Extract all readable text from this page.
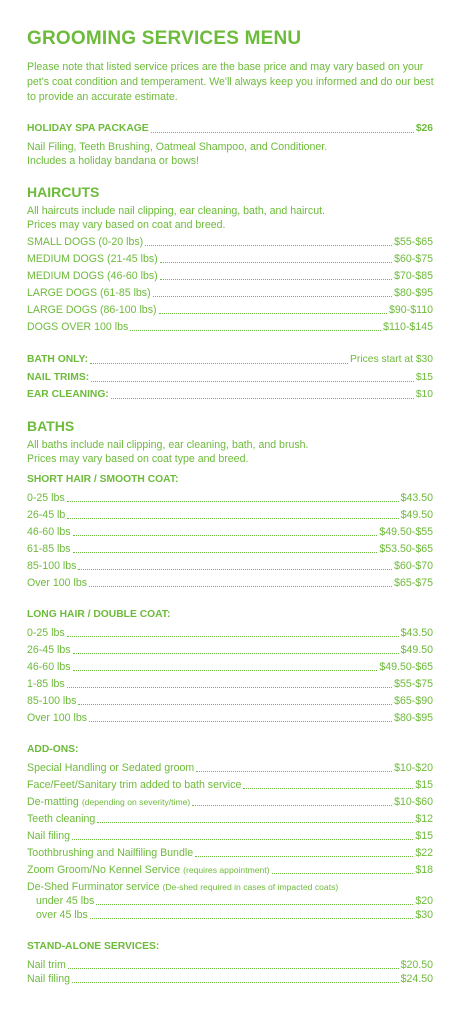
GROOMING SERVICES MENU

Please note that listed service prices are the base price and may vary based on your pet's coat condition and temperament. We'll always keep you informed and do our best to provide an accurate estimate.

HOLIDAY SPA PACKAGE	$26

Nail Filing, Teeth Brushing, Oatmeal Shampoo, and Conditioner.
Includes a holiday bandana or bows!

HAIRCUTS

All haircuts include nail clipping, ear cleaning, bath, and haircut.
Prices may vary based on coat and breed.

SMALL DOGS (0-20 lbs)	$55-$65
MEDIUM DOGS (21-45 lbs)	$60-$75
MEDIUM DOGS (46-60 lbs)	$70-$85
LARGE DOGS (61-85 lbs)	$80-$95
LARGE DOGS (86-100 lbs)	$90-$110
DOGS OVER 100 lbs	$110-$145
BATH ONLY:	Prices start at $30
NAIL TRIMS:	$15
EAR CLEANING:	$10
BATHS

All baths include nail clipping, ear cleaning, bath, and brush.
Prices may vary based on coat type and breed.

SHORT HAIR / SMOOTH COAT:
0-25 lbs	$43.50
26-45 lb	$49.50
46-60 lbs	$49.50-$55
61-85 lbs	$53.50-$65
85-100 lbs	$60-$70
Over 100 lbs	$65-$75
LONG HAIR / DOUBLE COAT:
0-25 lbs	$43.50
26-45 lbs	$49.50
46-60 lbs	$49.50-$65
1-85 lbs	$55-$75
85-100 lbs	$65-$90
Over 100 lbs	$80-$95
ADD-ONS:
Special Handling or Sedated groom	$10-$20
Face/Feet/Sanitary trim added to bath service	$15
De-matting (depending on severity/time)	$10-$60
Teeth cleaning	$12
Nail filing	$15
Toothbrushing and Nailfiling Bundle	$22
Zoom Groom/No Kennel Service (requires appointment)	$18
De-Shed Furminator service (De-shed required in cases of impacted coats)
under 45 lbs	$20
over 45 lbs	$30
STAND-ALONE SERVICES:
Nail trim	$20.50
Nail filing	$24.50
